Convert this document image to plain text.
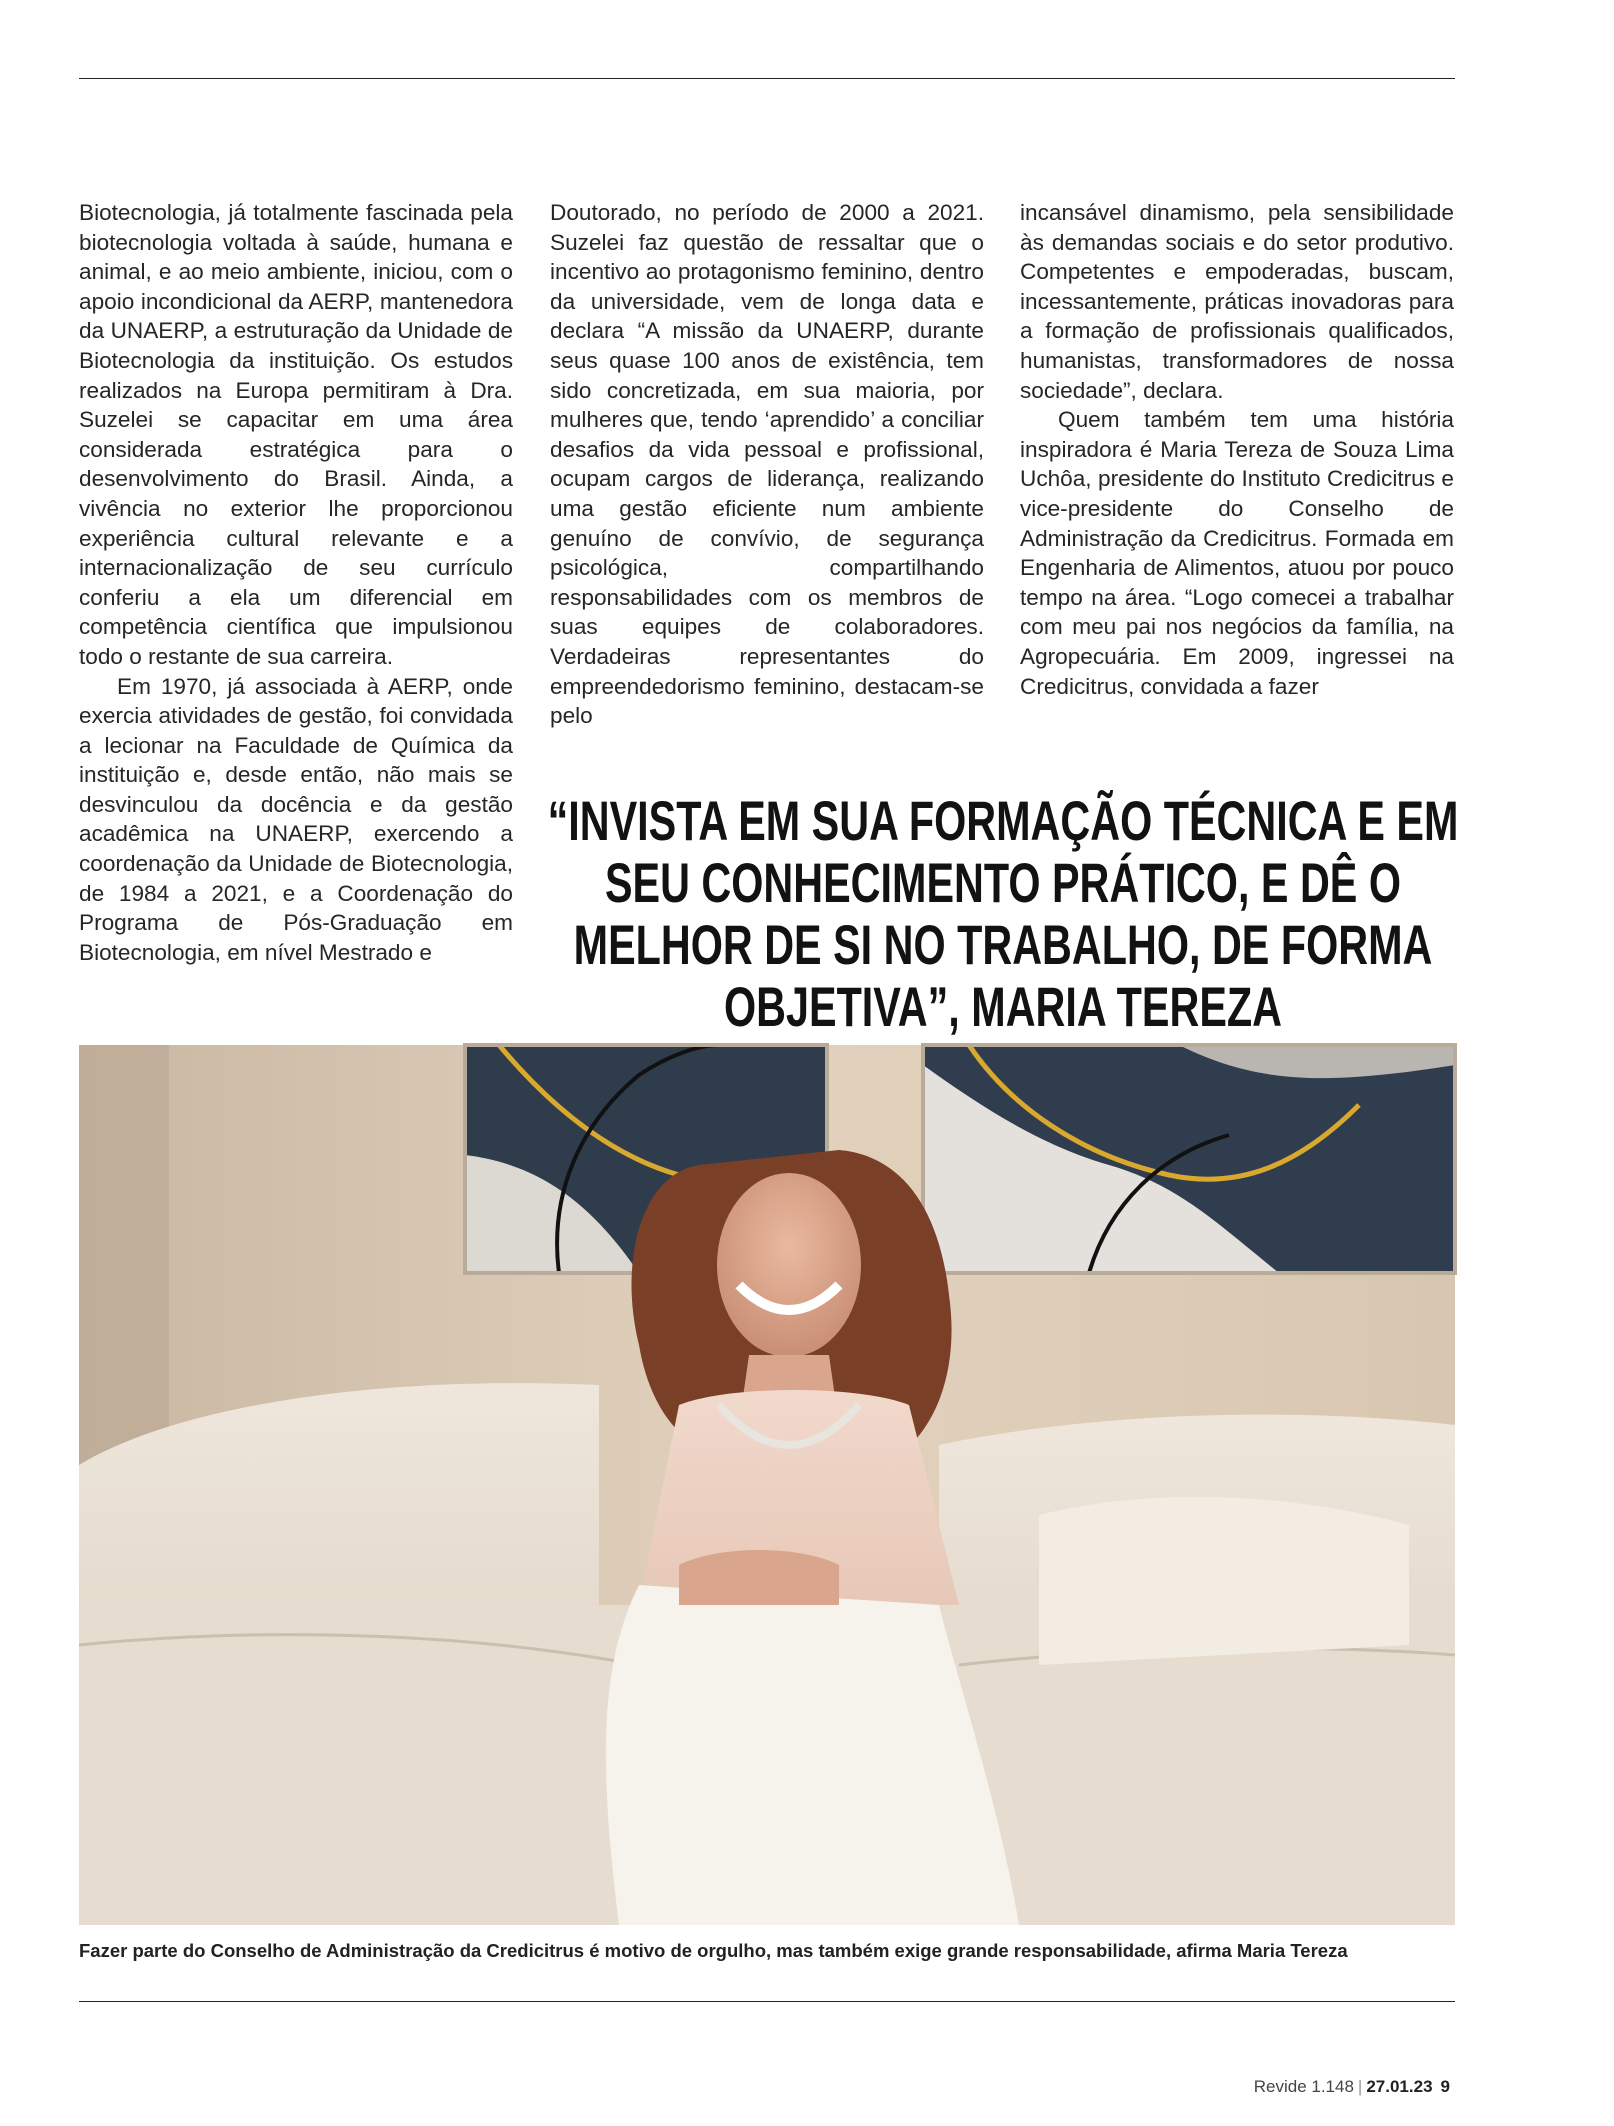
Biotecnologia, já totalmente fascinada pela biotecnologia voltada à saúde, humana e animal, e ao meio ambiente, iniciou, com o apoio incondicional da AERP, mantenedora da UNAERP, a estruturação da Unidade de Biotecnologia da instituição. Os estudos realizados na Europa permitiram à Dra. Suzelei se capacitar em uma área considerada estratégica para o desenvolvimento do Brasil. Ainda, a vivência no exterior lhe proporcionou experiência cultural relevante e a internacionalização de seu currículo conferiu a ela um diferencial em competência científica que impulsionou todo o restante de sua carreira.

Em 1970, já associada à AERP, onde exercia atividades de gestão, foi convidada a lecionar na Faculdade de Química da instituição e, desde então, não mais se desvinculou da docência e da gestão acadêmica na UNAERP, exercendo a coordenação da Unidade de Biotecnologia, de 1984 a 2021, e a Coordenação do Programa de Pós-Graduação em Biotecnologia, em nível Mestrado e

Doutorado, no período de 2000 a 2021. Suzelei faz questão de ressaltar que o incentivo ao protagonismo feminino, dentro da universidade, vem de longa data e declara “A missão da UNAERP, durante seus quase 100 anos de existência, tem sido concretizada, em sua maioria, por mulheres que, tendo ‘aprendido’ a conciliar desafios da vida pessoal e profissional, ocupam cargos de liderança, realizando uma gestão eficiente num ambiente genuíno de convívio, de segurança psicológica, compartilhando responsabilidades com os membros de suas equipes de colaboradores. Verdadeiras representantes do empreendedorismo feminino, destacam-se pelo

incansável dinamismo, pela sensibilidade às demandas sociais e do setor produtivo. Competentes e empoderadas, buscam, incessantemente, práticas inovadoras para a formação de profissionais qualificados, humanistas, transformadores de nossa sociedade”, declara.

Quem também tem uma história inspiradora é Maria Tereza de Souza Lima Uchôa, presidente do Instituto Credicitrus e vice-presidente do Conselho de Administração da Credicitrus. Formada em Engenharia de Alimentos, atuou por pouco tempo na área. “Logo comecei a trabalhar com meu pai nos negócios da família, na Agropecuária. Em 2009, ingressei na Credicitrus, convidada a fazer

“INVISTA EM SUA FORMAÇÃO TÉCNICA E EM SEU CONHECIMENTO PRÁTICO, E DÊ O MELHOR DE SI NO TRABALHO, DE FORMA OBJETIVA”, MARIA TEREZA
Fazer parte do Conselho de Administração da Credicitrus é motivo de orgulho, mas também exige grande responsabilidade, afirma Maria Tereza
Revide 1.148 | 27.01.23 9
